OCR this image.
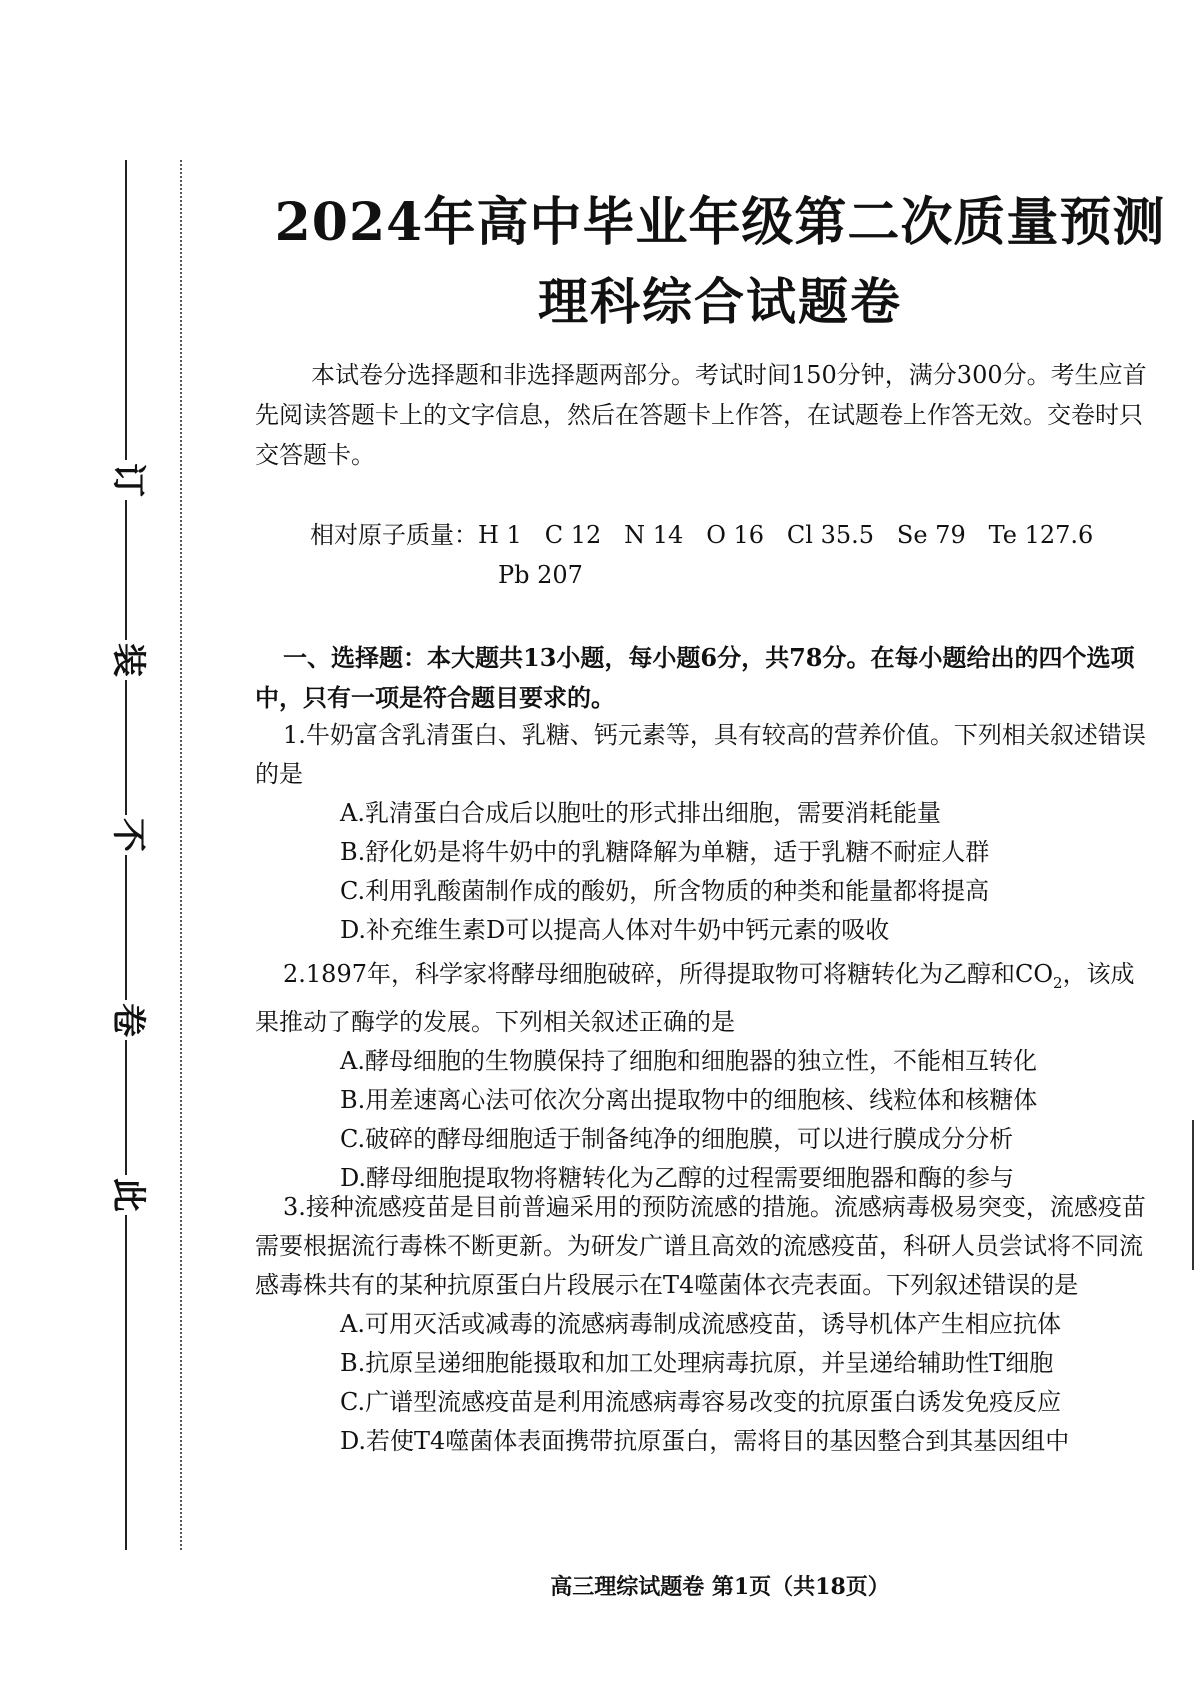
此
卷
不
装
订
2024年高中毕业年级第二次质量预测
理科综合试题卷
本试卷分选择题和非选择题两部分。考试时间150分钟，满分300分。考生应首先阅读答题卡上的文字信息，然后在答题卡上作答，在试题卷上作答无效。交卷时只交答题卡。
相对原子质量：H 1   C 12   N 14   O 16   Cl 35.5   Se 79   Te 127.6
Pb 207
一、选择题：本大题共13小题，每小题6分，共78分。在每小题给出的四个选项中，只有一项是符合题目要求的。
1.牛奶富含乳清蛋白、乳糖、钙元素等，具有较高的营养价值。下列相关叙述错误的是
A.乳清蛋白合成后以胞吐的形式排出细胞，需要消耗能量
B.舒化奶是将牛奶中的乳糖降解为单糖，适于乳糖不耐症人群
C.利用乳酸菌制作成的酸奶，所含物质的种类和能量都将提高
D.补充维生素D可以提高人体对牛奶中钙元素的吸收
2.1897年，科学家将酵母细胞破碎，所得提取物可将糖转化为乙醇和$CO_2$，该成果推动了酶学的发展。下列相关叙述正确的是
A.酵母细胞的生物膜保持了细胞和细胞器的独立性，不能相互转化
B.用差速离心法可依次分离出提取物中的细胞核、线粒体和核糖体
C.破碎的酵母细胞适于制备纯净的细胞膜，可以进行膜成分分析
D.酵母细胞提取物将糖转化为乙醇的过程需要细胞器和酶的参与
3.接种流感疫苗是目前普遍采用的预防流感的措施。流感病毒极易突变，流感疫苗需要根据流行毒株不断更新。为研发广谱且高效的流感疫苗，科研人员尝试将不同流感毒株共有的某种抗原蛋白片段展示在T4噬菌体衣壳表面。下列叙述错误的是
A.可用灭活或减毒的流感病毒制成流感疫苗，诱导机体产生相应抗体
B.抗原呈递细胞能摄取和加工处理病毒抗原，并呈递给辅助性T细胞
C.广谱型流感疫苗是利用流感病毒容易改变的抗原蛋白诱发免疫反应
D.若使T4噬菌体表面携带抗原蛋白，需将目的基因整合到其基因组中
高三理综试题卷 第1页（共18页）
